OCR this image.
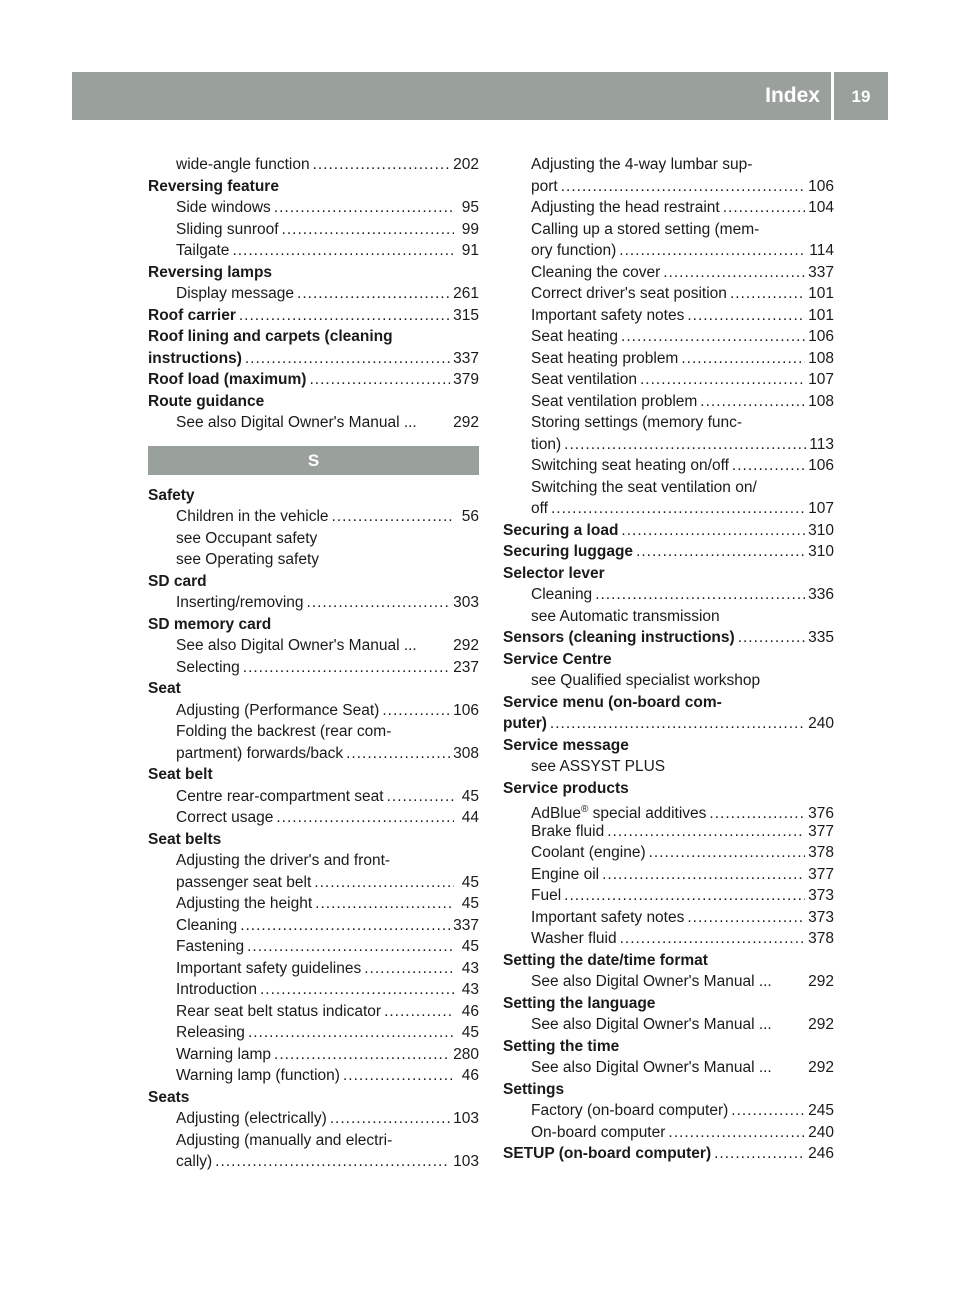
Index	19
wide-angle function .....	202
Reversing feature
Side windows .....	95
Sliding sunroof .....	99
Tailgate .....	91
Reversing lamps
Display message .....	261
Roof carrier .....	315
Roof lining and carpets (cleaning
instructions) .....	337
Roof load (maximum) .....	379
Route guidance
See also Digital Owner's Manual ... 292
S
Safety
Children in the vehicle .....	56
see Occupant safety
see Operating safety
SD card
Inserting/removing .....	303
SD memory card
See also Digital Owner's Manual ... 292
Selecting .....	237
Seat
Adjusting (Performance Seat) .....	106
Folding the backrest (rear com-
partment) forwards/back .....	308
Seat belt
Centre rear-compartment seat .....	45
Correct usage .....	44
Seat belts
Adjusting the driver's and front-
passenger seat belt .....	45
Adjusting the height .....	45
Cleaning .....	337
Fastening .....	45
Important safety guidelines .....	43
Introduction .....	43
Rear seat belt status indicator .....	46
Releasing .....	45
Warning lamp .....	280
Warning lamp (function) .....	46
Seats
Adjusting (electrically) .....	103
Adjusting (manually and electri-
cally) .....	103
Adjusting the 4-way lumbar sup-
port .....	106
Adjusting the head restraint .....	104
Calling up a stored setting (mem-
ory function) .....	114
Cleaning the cover .....	337
Correct driver's seat position .....	101
Important safety notes .....	101
Seat heating .....	106
Seat heating problem .....	108
Seat ventilation .....	107
Seat ventilation problem .....	108
Storing settings (memory func-
tion) .....	113
Switching seat heating on/off .....	106
Switching the seat ventilation on/
off .....	107
Securing a load .....	310
Securing luggage .....	310
Selector lever
Cleaning .....	336
see Automatic transmission
Sensors (cleaning instructions) .....	335
Service Centre
see Qualified specialist workshop
Service menu (on-board com-
puter) .....	240
Service message
see ASSYST PLUS
Service products
AdBlue® special additives .....	376
Brake fluid .....	377
Coolant (engine) .....	378
Engine oil .....	377
Fuel .....	373
Important safety notes .....	373
Washer fluid .....	378
Setting the date/time format
See also Digital Owner's Manual ... 292
Setting the language
See also Digital Owner's Manual ... 292
Setting the time
See also Digital Owner's Manual ... 292
Settings
Factory (on-board computer) .....	245
On-board computer .....	240
SETUP (on-board computer) .....	246
